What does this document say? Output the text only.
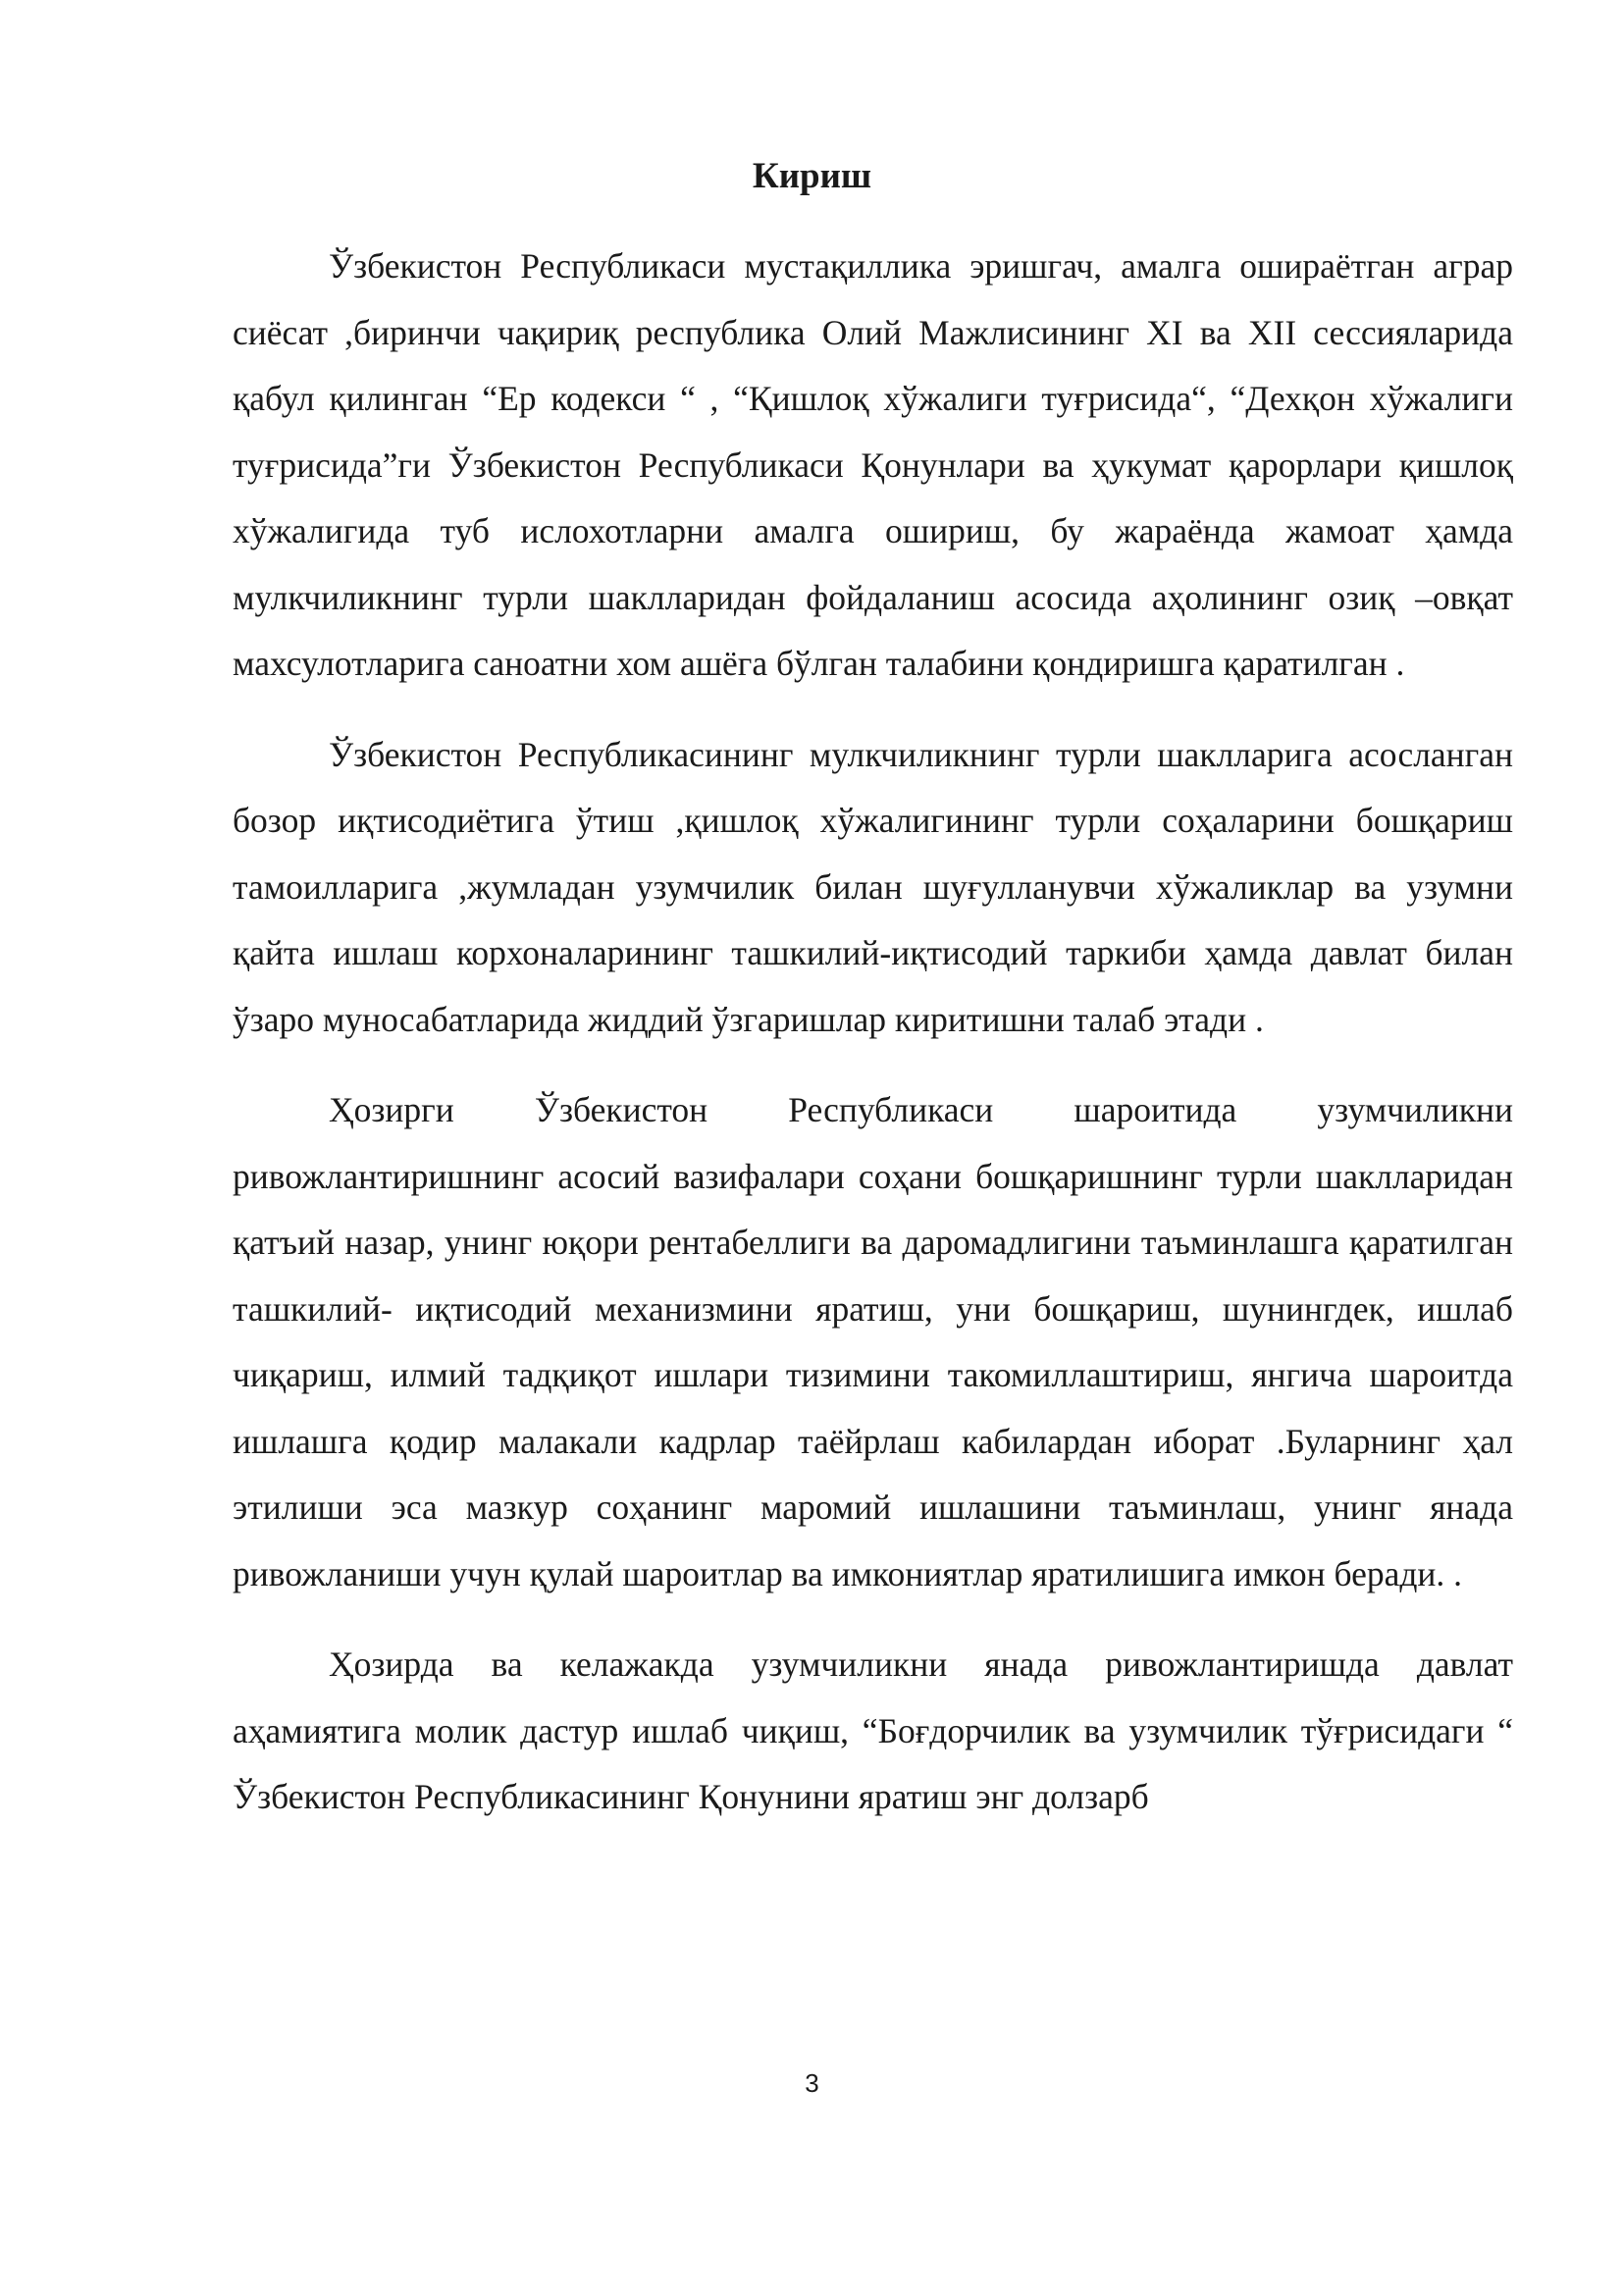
Кириш

Ўзбекистон Республикаси мустақиллика эришгач, амалга ошираётган аграр сиёсат ,биринчи чақириқ республика Олий Мажлисининг XI ва XII сессияларида қабул қилинган “Ер кодекси “ , “Қишлоқ хўжалиги туғрисида“, “Дехқон хўжалиги туғрисида”ги Ўзбекистон Республикаси Қонунлари ва ҳукумат қарорлари қишлоқ хўжалигида туб ислохотларни амалга ошириш, бу жараёнда жамоат ҳамда мулкчиликнинг турли шаклларидан фойдаланиш асосида аҳолининг озиқ –овқат махсулотларига саноатни хом ашёга бўлган талабини қондиришга қаратилган .

Ўзбекистон Республикасининг мулкчиликнинг турли шаклларига асосланган бозор иқтисодиётига ўтиш ,қишлоқ хўжалигининг турли соҳаларини бошқариш тамоилларига ,жумладан узумчилик билан шуғулланувчи хўжаликлар ва узумни қайта ишлаш корхоналарининг ташкилий-иқтисодий таркиби ҳамда давлат билан ўзаро муносабатларида жиддий ўзгаришлар киритишни талаб этади .

Ҳозирги Ўзбекистон Республикаси шароитида узумчиликни ривожлантиришнинг асосий вазифалари соҳани бошқаришнинг турли шаклларидан қатъий назар, унинг юқори рентабеллиги ва даромадлигини таъминлашга қаратилган ташкилий- иқтисодий механизмини яратиш, уни бошқариш, шунингдек, ишлаб чиқариш, илмий тадқиқот ишлари тизимини такомиллаштириш, янгича шароитда ишлашга қодир малакали кадрлар таёйрлаш кабилардан иборат .Буларнинг ҳал этилиши эса мазкур соҳанинг маромий ишлашини таъминлаш, унинг янада ривожланиши учун қулай шароитлар ва имкониятлар яратилишига имкон беради. .

Ҳозирда ва келажакда узумчиликни янада ривожлантиришда давлат аҳамиятига молик дастур ишлаб чиқиш, “Боғдорчилик ва узумчилик тўғрисидаги “ Ўзбекистон Республикасининг Қонунини яратиш энг долзарб

3
